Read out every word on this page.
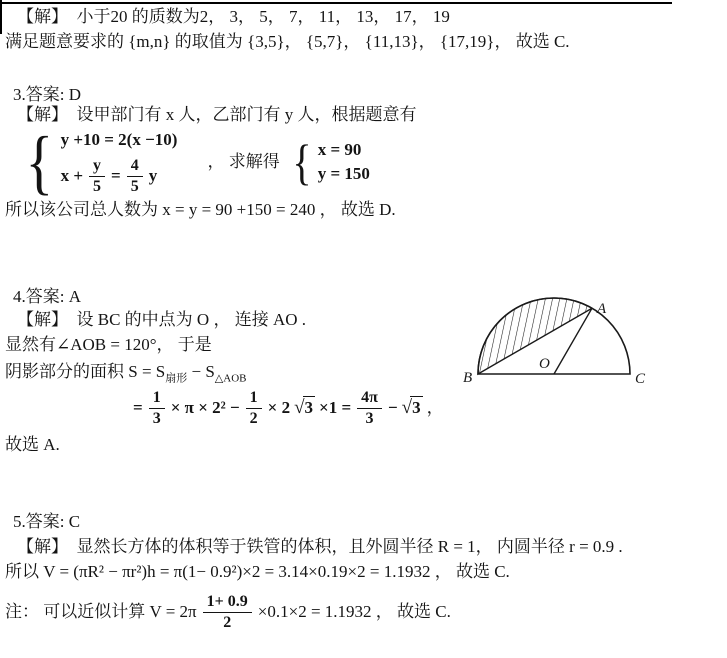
【解】　小于20 的质数为2， 3， 5， 7， 11， 13， 17， 19
满足题意要求的 {m,n} 的取值为 {3,5}， {5,7}， {11,13}， {17,19}， 故选 C.
3.答案: D
【解】　设甲部门有 x 人，乙部门有 y 人，根据题意有
{ y +10 = 2(x −10)
$x + \frac{y}{5} = \frac{4}{5}$ y
， 求解得 { x = 90
y = 150
所以该公司总人数为 x = y = 90 +150 = 240 ， 故选 D.
4.答案: A
【解】　设 BC 的中点为 O ， 连接 AO .
显然有∠AOB = 120°， 于是
阴影部分的面积 $S = S_{扇形} - S_{\triangle AOB}$
= $\frac{1}{3} \times \pi \times 2^2 - \frac{1}{2} \times 2$ √ $3 \times 1 = \frac{4\pi}{3}$ − √ 3 ，
故选 A.
A
B	C
O
5.答案: C
【解】　显然长方体的体积等于铁管的体积，且外圆半径 R = 1， 内圆半径 r = 0.9 .
所以 V = (πR² − πr²)h = π(1− 0.9²)×2 = 3.14×0.19×2 = 1.1932 ， 故选 C.
注： 可以近似计算 $V = 2\pi \frac{1+ 0.9}{2} \times 0.1\times 2 = 1.1932$ ， 故选 C.
